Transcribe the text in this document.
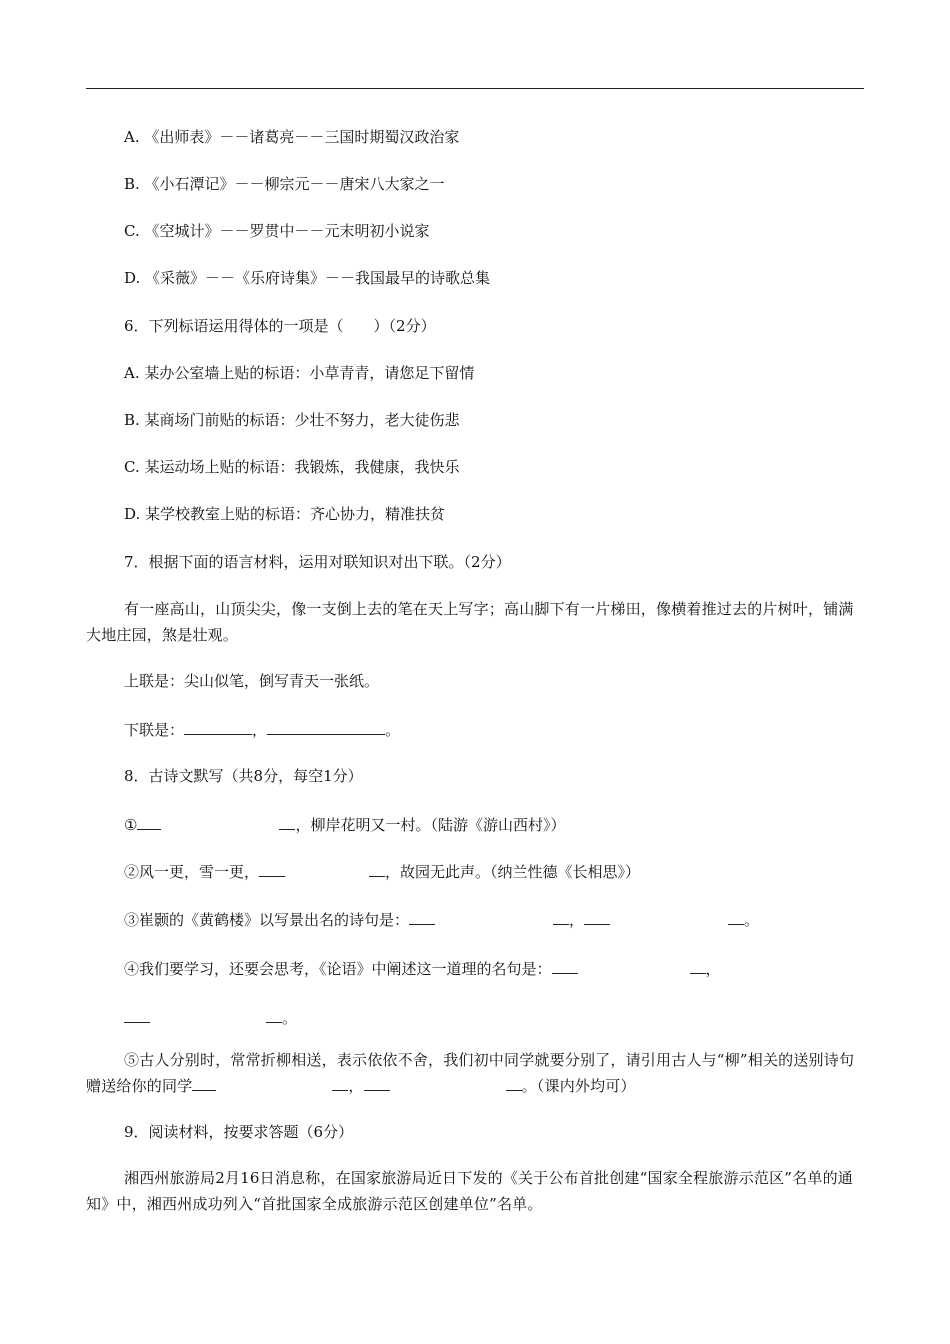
A. 《出师表》－－诸葛亮－－三国时期蜀汉政治家
B. 《小石潭记》－－柳宗元－－唐宋八大家之一
C. 《空城计》－－罗贯中－－元末明初小说家
D. 《采薇》－－《乐府诗集》－－我国最早的诗歌总集
6．下列标语运用得体的一项是（　　）（2分）
A. 某办公室墙上贴的标语：小草青青，请您足下留情
B. 某商场门前贴的标语：少壮不努力，老大徒伤悲
C. 某运动场上贴的标语：我锻炼，我健康，我快乐
D. 某学校教室上贴的标语：齐心协力，精准扶贫
7．根据下面的语言材料，运用对联知识对出下联。（2分）
有一座高山，山顶尖尖，像一支倒上去的笔在天上写字；高山脚下有一片梯田，像横着推过去的片树叶，铺满大地庄园，煞是壮观。
上联是：尖山似笔，倒写青天一张纸。
下联是：	，	。
8．古诗文默写（共8分，每空1分）
①	，柳岸花明又一村。（陆游《游山西村》）
②风一更，雪一更，	，故园无此声。（纳兰性德《长相思》）
③崔颢的《黄鹤楼》以写景出名的诗句是：	，	。
④我们要学习，还要会思考，《论语》中阐述这一道理的名句是：	，
。
⑤古人分别时，常常折柳相送，表示依依不舍，我们初中同学就要分别了，请引用古人与“柳”相关的送别诗句赠送给你的同学	，	。（课内外均可）
9．阅读材料，按要求答题（6分）
湘西州旅游局2月16日消息称，在国家旅游局近日下发的《关于公布首批创建“国家全程旅游示范区”名单的通知》中，湘西州成功列入“首批国家全成旅游示范区创建单位”名单。
